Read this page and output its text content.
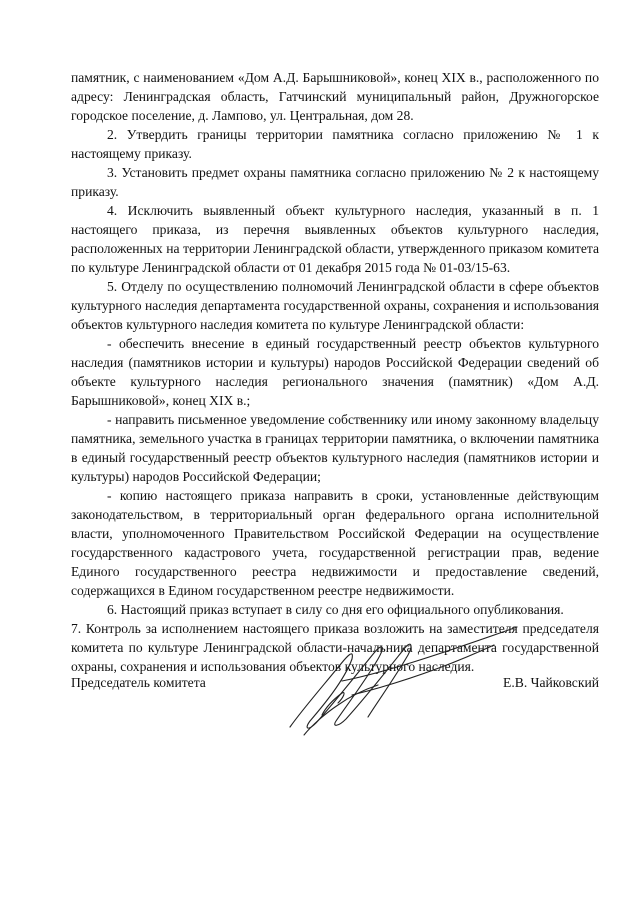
памятник, с наименованием «Дом А.Д. Барышниковой», конец XIX в., расположенного по адресу: Ленинградская область, Гатчинский муниципальный район, Дружногорское городское поселение, д. Лампово, ул. Центральная, дом 28.

2. Утвердить границы территории памятника согласно приложению № 1 к настоящему приказу.

3. Установить предмет охраны памятника согласно приложению № 2 к настоящему приказу.

4. Исключить выявленный объект культурного наследия, указанный в п. 1 настоящего приказа, из перечня выявленных объектов культурного наследия, расположенных на территории Ленинградской области, утвержденного приказом комитета по культуре Ленинградской области от 01 декабря 2015 года № 01-03/15-63.

5. Отделу по осуществлению полномочий Ленинградской области в сфере объектов культурного наследия департамента государственной охраны, сохранения и использования объектов культурного наследия комитета по культуре Ленинградской области:

- обеспечить внесение в единый государственный реестр объектов культурного наследия (памятников истории и культуры) народов Российской Федерации сведений об объекте культурного наследия регионального значения (памятник) «Дом А.Д. Барышниковой», конец XIX в.;

- направить письменное уведомление собственнику или иному законному владельцу памятника, земельного участка в границах территории памятника, о включении памятника в единый государственный реестр объектов культурного наследия (памятников истории и культуры) народов Российской Федерации;

- копию настоящего приказа направить в сроки, установленные действующим законодательством, в территориальный орган федерального органа исполнительной власти, уполномоченного Правительством Российской Федерации на осуществление государственного кадастрового учета, государственной регистрации прав, ведение Единого государственного реестра недвижимости и предоставление сведений, содержащихся в Едином государственном реестре недвижимости.

6. Настоящий приказ вступает в силу со дня его официального опубликования.

7. Контроль за исполнением настоящего приказа возложить на заместителя председателя комитета по культуре Ленинградской области-начальника департамента государственной охраны, сохранения и использования объектов культурного наследия.

Председатель комитета	Е.В. Чайковский
